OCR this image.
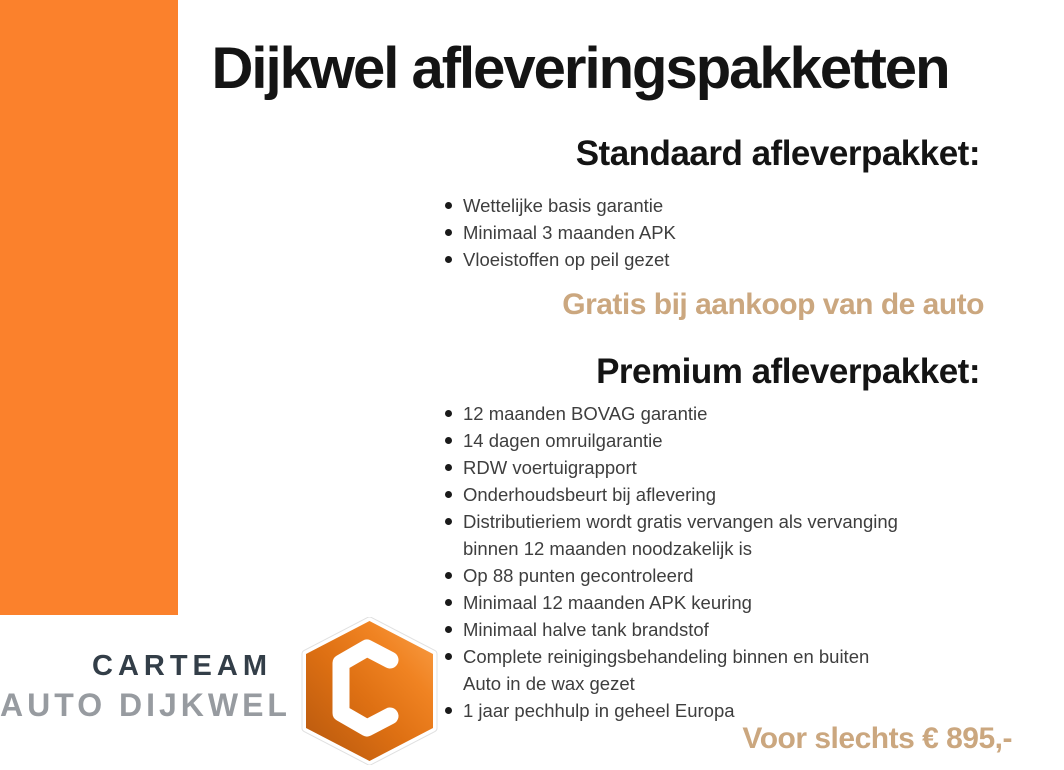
Dijkwel afleveringspakketten
Standaard afleverpakket:
Wettelijke basis garantie
Minimaal 3 maanden APK
Vloeistoffen op peil gezet
Gratis bij aankoop van de auto
Premium afleverpakket:
12 maanden BOVAG garantie
14 dagen omruilgarantie
RDW voertuigrapport
Onderhoudsbeurt bij aflevering
Distributieriem wordt gratis vervangen als vervanging
binnen 12 maanden noodzakelijk is
Op 88 punten gecontroleerd
Minimaal 12 maanden APK keuring
Minimaal halve tank brandstof
Complete reinigingsbehandeling binnen en buiten
Auto in de wax gezet
1 jaar pechhulp in geheel Europa
Voor slechts € 895,-
CARTEAM
AUTO DIJKWEL
